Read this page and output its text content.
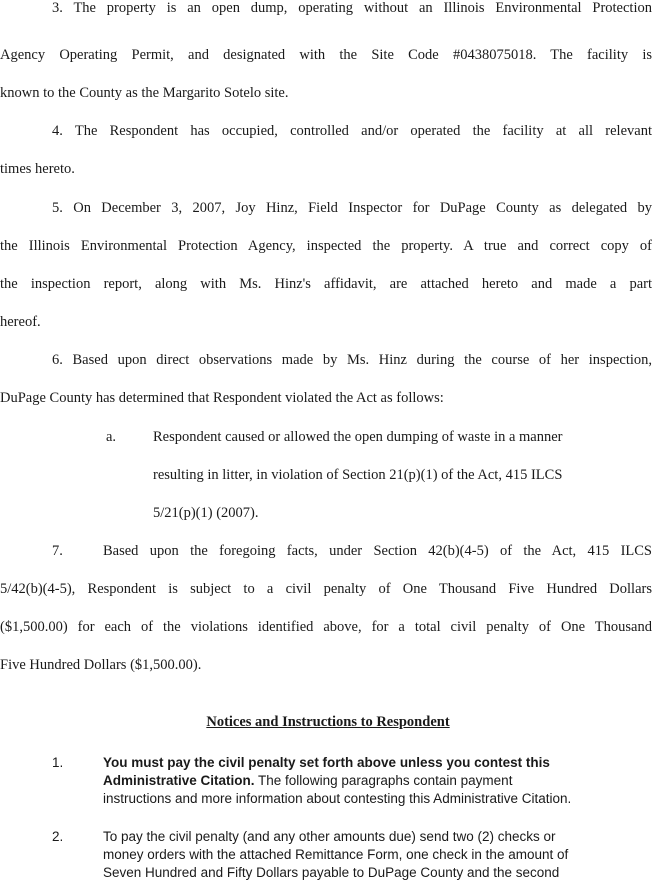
3. The property is an open dump, operating without an Illinois Environmental Protection
Agency Operating Permit, and designated with the Site Code #0438075018. The facility is
known to the County as the Margarito Sotelo site.
4. The Respondent has occupied, controlled and/or operated the facility at all relevant
times hereto.
5. On December 3, 2007, Joy Hinz, Field Inspector for DuPage County as delegated by
the Illinois Environmental Protection Agency, inspected the property. A true and correct copy of
the inspection report, along with Ms. Hinz's affidavit, are attached hereto and made a part
hereof.
6. Based upon direct observations made by Ms. Hinz during the course of her inspection,
DuPage County has determined that Respondent violated the Act as follows:
a.	Respondent caused or allowed the open dumping of waste in a manner
resulting in litter, in violation of Section 21(p)(1) of the Act, 415 ILCS
5/21(p)(1) (2007).
7.	Based upon the foregoing facts, under Section 42(b)(4-5) of the Act, 415 ILCS
5/42(b)(4-5), Respondent is subject to a civil penalty of One Thousand Five Hundred Dollars
($1,500.00) for each of the violations identified above, for a total civil penalty of One Thousand
Five Hundred Dollars ($1,500.00).
Notices and Instructions to Respondent
1.	You must pay the civil penalty set forth above unless you contest this
Administrative Citation. The following paragraphs contain payment
instructions and more information about contesting this Administrative Citation.
2.	To pay the civil penalty (and any other amounts due) send two (2) checks or
money orders with the attached Remittance Form, one check in the amount of
Seven Hundred and Fifty Dollars payable to DuPage County and the second
